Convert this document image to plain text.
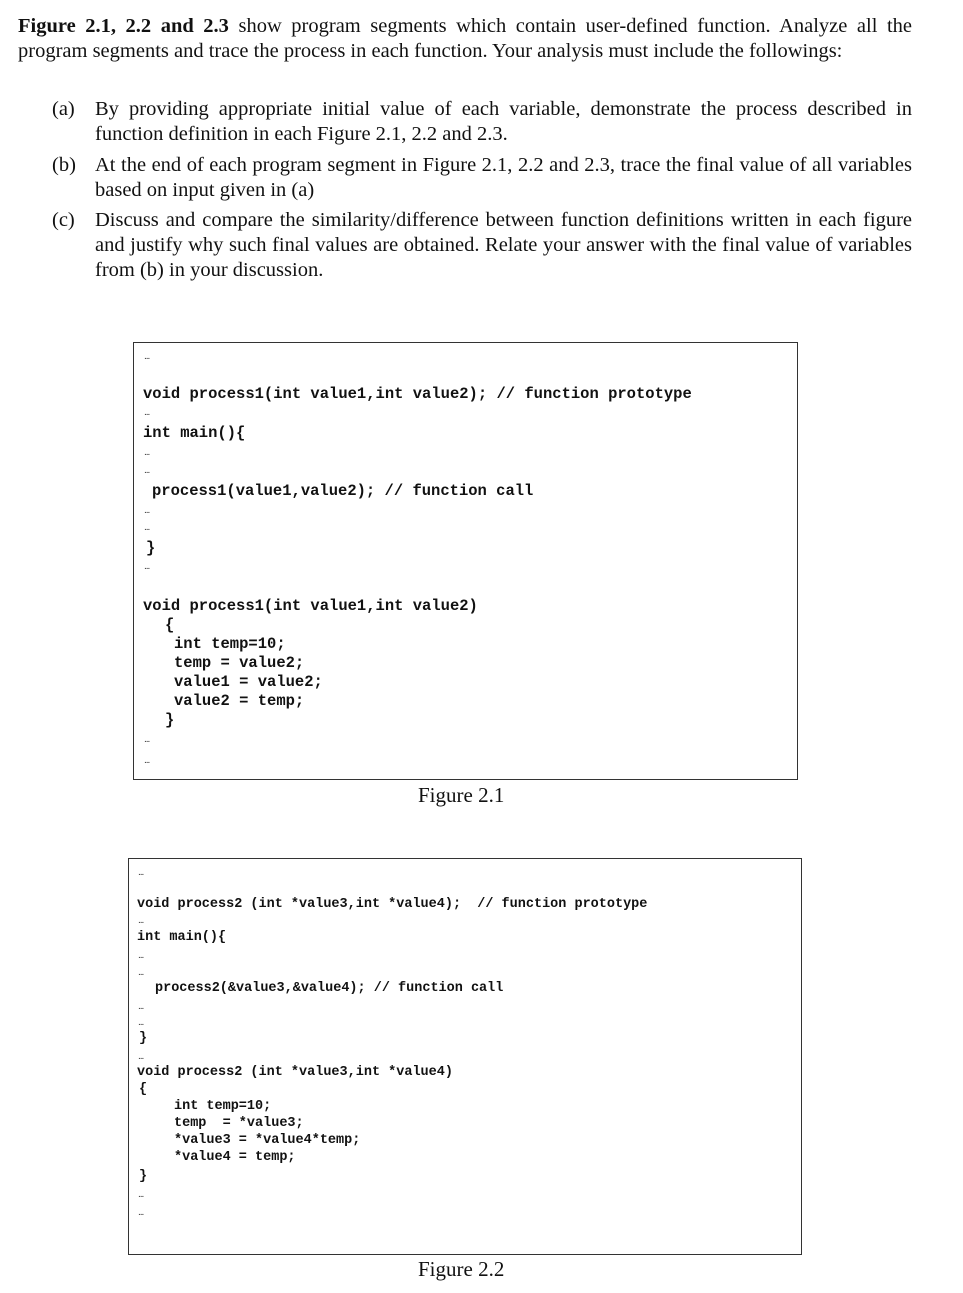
Figure 2.1, 2.2 and 2.3 show program segments which contain user-defined function. Analyze all the program segments and trace the process in each function. Your analysis must include the followings:
(a) By providing appropriate initial value of each variable, demonstrate the process described in function definition in each Figure 2.1, 2.2 and 2.3.
(b) At the end of each program segment in Figure 2.1, 2.2 and 2.3, trace the final value of all variables based on input given in (a)
(c) Discuss and compare the similarity/difference between function definitions written in each figure and justify why such final values are obtained. Relate your answer with the final value of variables from (b) in your discussion.
...
void process1(int value1,int value2); // function prototype
...
int main(){
...
...
process1(value1,value2); // function call
...
...
}
...
void process1(int value1,int value2)
{
int temp=10;
temp = value2;
value1 = value2;
value2 = temp;
}
...
...
Figure 2.1
...
void process2 (int *value3,int *value4);  // function prototype
...
int main(){
...
...
process2(&value3,&value4); // function call
...
...
}
...
void process2 (int *value3,int *value4)
{
int temp=10;
temp  = *value3;
*value3 = *value4*temp;
*value4 = temp;
}
...
...
Figure 2.2
